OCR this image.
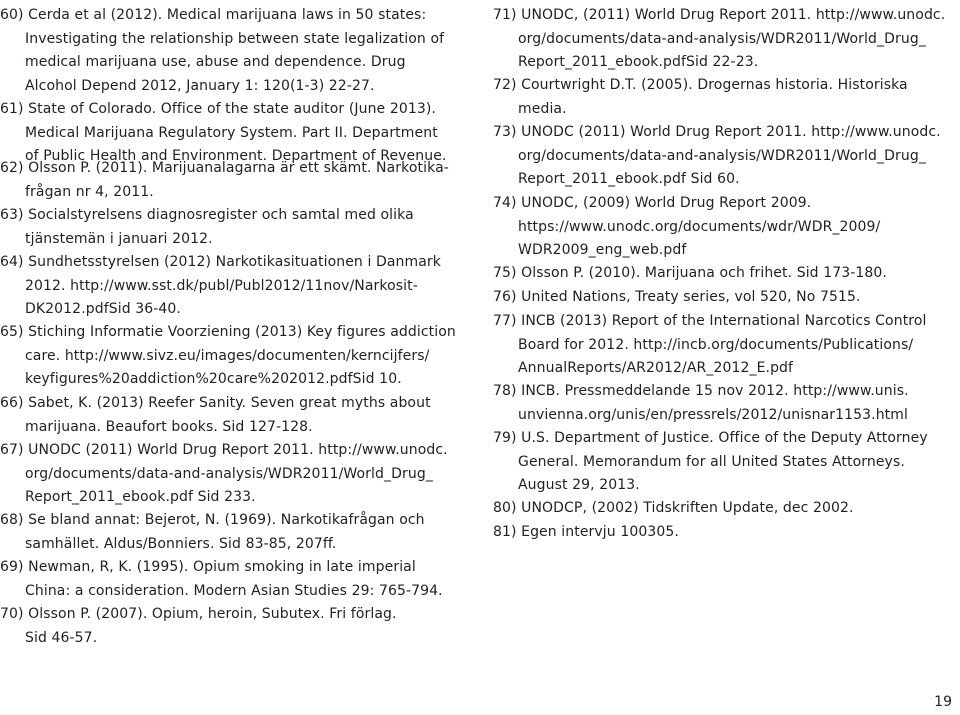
60) Cerda et al (2012). Medical marijuana laws in 50 states:
Investigating the relationship between state legalization of
medical marijuana use, abuse and dependence. Drug
Alcohol Depend 2012, January 1: 120(1-3) 22-27.
61) State of Colorado. Office of the state auditor (June 2013).
Medical Marijuana Regulatory System. Part II. Department
of Public Health and Environment. Department of Revenue.
62) Olsson P. (2011). Marijuanalagarna är ett skämt. Narkotika-
frågan nr 4, 2011.
63) Socialstyrelsens diagnosregister och samtal med olika
tjänstemän i januari 2012.
64) Sundhetsstyrelsen (2012) Narkotikasituationen i Danmark
2012. http://www.sst.dk/publ/Publ2012/11nov/Narkosit-
DK2012.pdfSid 36-40.
65) Stiching Informatie Voorziening (2013) Key figures addiction
care. http://www.sivz.eu/images/documenten/kerncijfers/
keyfigures%20addiction%20care%202012.pdfSid 10.
66) Sabet, K. (2013) Reefer Sanity. Seven great myths about
marijuana. Beaufort books. Sid 127-128.
67) UNODC (2011) World Drug Report 2011. http://www.unodc.
org/documents/data-and-analysis/WDR2011/World_Drug_
Report_2011_ebook.pdf Sid 233.
68) Se bland annat: Bejerot, N. (1969). Narkotikafrågan och
samhället. Aldus/Bonniers. Sid 83-85, 207ff.
69) Newman, R, K. (1995). Opium smoking in late imperial
China: a consideration. Modern Asian Studies 29: 765-794.
70) Olsson P. (2007). Opium, heroin, Subutex. Fri förlag.
Sid 46-57.
71) UNODC, (2011) World Drug Report 2011. http://www.unodc.
org/documents/data-and-analysis/WDR2011/World_Drug_
Report_2011_ebook.pdfSid 22-23.
72) Courtwright D.T. (2005). Drogernas historia. Historiska
media.
73) UNODC (2011) World Drug Report 2011. http://www.unodc.
org/documents/data-and-analysis/WDR2011/World_Drug_
Report_2011_ebook.pdf Sid 60.
74) UNODC, (2009) World Drug Report 2009.
https://www.unodc.org/documents/wdr/WDR_2009/
WDR2009_eng_web.pdf
75) Olsson P. (2010). Marijuana och frihet. Sid 173-180.
76) United Nations, Treaty series, vol 520, No 7515.
77) INCB (2013) Report of the International Narcotics Control
Board for 2012. http://incb.org/documents/Publications/
AnnualReports/AR2012/AR_2012_E.pdf
78) INCB. Pressmeddelande 15 nov 2012. http://www.unis.
unvienna.org/unis/en/pressrels/2012/unisnar1153.html
79) U.S. Department of Justice. Office of the Deputy Attorney
General. Memorandum for all United States Attorneys.
August 29, 2013.
80) UNODCP, (2002) Tidskriften Update, dec 2002.
81) Egen intervju 100305.
19
